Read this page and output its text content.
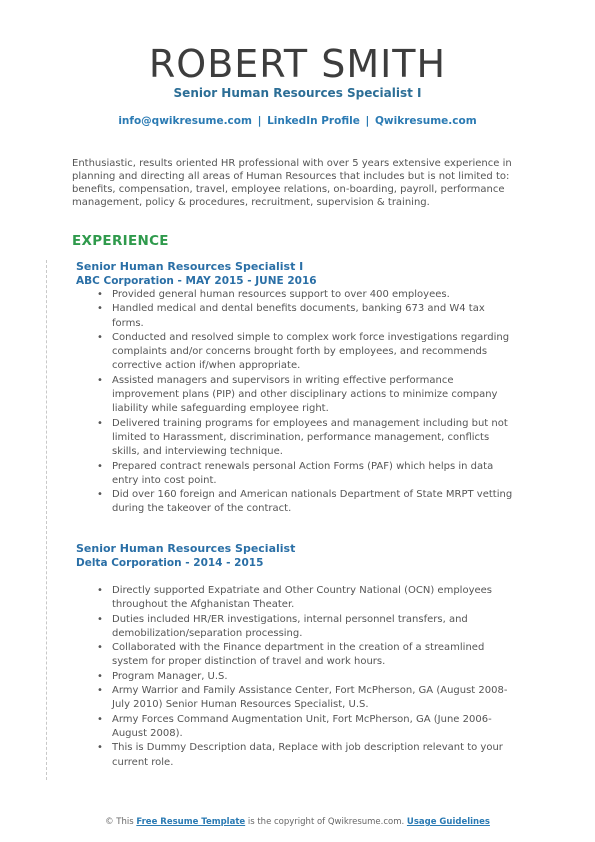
ROBERT SMITH
Senior Human Resources Specialist I
info@qwikresume.com | LinkedIn Profile | Qwikresume.com
Enthusiastic, results oriented HR professional with over 5 years extensive experience in planning and directing all areas of Human Resources that includes but is not limited to: benefits, compensation, travel, employee relations, on-boarding, payroll, performance management, policy & procedures, recruitment, supervision & training.
EXPERIENCE
Senior Human Resources Specialist I
ABC Corporation - MAY 2015 - JUNE 2016
• Provided general human resources support to over 400 employees.
• Handled medical and dental benefits documents, banking 673 and W4 tax forms.
• Conducted and resolved simple to complex work force investigations regarding complaints and/or concerns brought forth by employees, and recommends corrective action if/when appropriate.
• Assisted managers and supervisors in writing effective performance improvement plans (PIP) and other disciplinary actions to minimize company liability while safeguarding employee right.
• Delivered training programs for employees and management including but not limited to Harassment, discrimination, performance management, conflicts skills, and interviewing technique.
• Prepared contract renewals personal Action Forms (PAF) which helps in data entry into cost point.
• Did over 160 foreign and American nationals Department of State MRPT vetting during the takeover of the contract.
Senior Human Resources Specialist
Delta Corporation - 2014 - 2015
• Directly supported Expatriate and Other Country National (OCN) employees throughout the Afghanistan Theater.
• Duties included HR/ER investigations, internal personnel transfers, and demobilization/separation processing.
• Collaborated with the Finance department in the creation of a streamlined system for proper distinction of travel and work hours.
• Program Manager, U.S.
• Army Warrior and Family Assistance Center, Fort McPherson, GA (August 2008- July 2010) Senior Human Resources Specialist, U.S.
• Army Forces Command Augmentation Unit, Fort McPherson, GA (June 2006-August 2008).
• This is Dummy Description data, Replace with job description relevant to your current role.
© This Free Resume Template is the copyright of Qwikresume.com. Usage Guidelines
